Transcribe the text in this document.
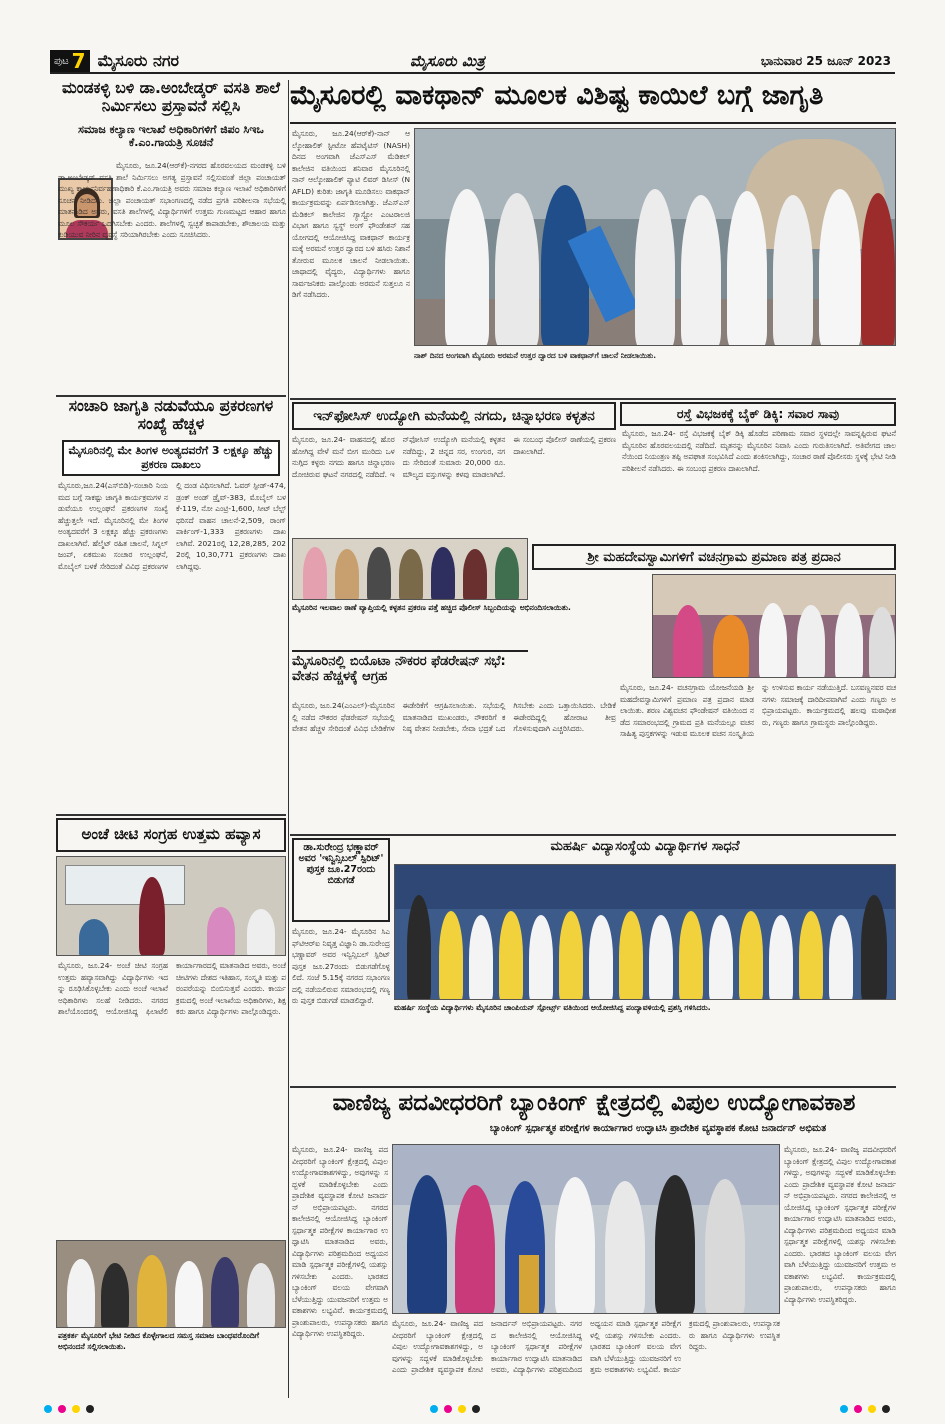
ಪುಟ 7 ಮೈಸೂರು ನಗರ	ಮೈಸೂರು ಮಿತ್ರ	ಭಾನುವಾರ 25 ಜೂನ್ 2023
ಮೈಸೂರಲ್ಲಿ ವಾಕಥಾನ್ ಮೂಲಕ ವಿಶಿಷ್ಟ ಕಾಯಿಲೆ ಬಗ್ಗೆ ಜಾಗೃತಿ
ಮಂಡಕಳ್ಳಿ ಬಳಿ ಡಾ.ಅಂಬೇಡ್ಕರ್ ವಸತಿ ಶಾಲೆ ನಿರ್ಮಿಸಲು ಪ್ರಸ್ತಾವನೆ ಸಲ್ಲಿಸಿ
ಸಮಾಜ ಕಲ್ಯಾಣ ಇಲಾಖೆ ಅಧಿಕಾರಿಗಳಿಗೆ ಜಿಪಂ ಸಿಇಒ ಕೆ.ಎಂ.ಗಾಯತ್ರಿ ಸೂಚನೆ
ಮೈಸೂರು, ಜೂ.24(ಆರ್‌ಕೆ)-ನಗರದ ಹೊರವಲಯದ ಮಂಡಕಳ್ಳಿ ಬಳಿ ಡಾ.ಅಂಬೇಡ್ಕರ್ ವಸತಿ ಶಾಲೆ ನಿರ್ಮಿಸಲು ಅಗತ್ಯ ಪ್ರಸ್ತಾವನೆ ಸಲ್ಲಿಸುವಂತೆ ಜಿಲ್ಲಾ ಪಂಚಾಯತ್ ಮುಖ್ಯ ಕಾರ್ಯನಿರ್ವಹಣಾಧಿಕಾರಿ ಕೆ.ಎಂ.ಗಾಯತ್ರಿ ಅವರು ಸಮಾಜ ಕಲ್ಯಾಣ ಇಲಾಖೆ ಅಧಿಕಾರಿಗಳಿಗೆ ಸೂಚನೆ ನೀಡಿದರು. ಜಿಲ್ಲಾ ಪಂಚಾಯತ್ ಸಭಾಂಗಣದಲ್ಲಿ ನಡೆದ ಪ್ರಗತಿ ಪರಿಶೀಲನಾ ಸಭೆಯಲ್ಲಿ ಮಾತನಾಡಿದ ಅವರು, ವಸತಿ ಶಾಲೆಗಳಲ್ಲಿ ವಿದ್ಯಾರ್ಥಿಗಳಿಗೆ ಉತ್ತಮ ಗುಣಮಟ್ಟದ ಆಹಾರ ಹಾಗೂ ಮೂಲ ಸೌಕರ್ಯ ಒದಗಿಸಬೇಕು ಎಂದರು. ಶಾಲೆಗಳಲ್ಲಿ ಸ್ವಚ್ಛತೆ ಕಾಪಾಡಬೇಕು, ಶೌಚಾಲಯ ಮತ್ತು ಕುಡಿಯುವ ನೀರಿನ ವ್ಯವಸ್ಥೆ ಸರಿಯಾಗಿರಬೇಕು ಎಂದು ಸೂಚಿಸಿದರು.
ಸಂಚಾರಿ ಜಾಗೃತಿ ನಡುವೆಯೂ ಪ್ರಕರಣಗಳ ಸಂಖ್ಯೆ ಹೆಚ್ಚಳ
ಮೈಸೂರಿನಲ್ಲಿ ಮೇ ತಿಂಗಳ ಅಂತ್ಯದವರೆಗೆ 3 ಲಕ್ಷಕ್ಕೂ ಹೆಚ್ಚು ಪ್ರಕರಣ ದಾಖಲು
ಮೈಸೂರು,ಜೂ.24(ಎಸ್‌ಬಿಡಿ)-ಸಂಚಾರಿ ನಿಯಮದ ಬಗ್ಗೆ ಸಾಕಷ್ಟು ಜಾಗೃತಿ ಕಾರ್ಯಕ್ರಮಗಳ ನಡುವೆಯೂ ಉಲ್ಲಂಘನೆ ಪ್ರಕರಣಗಳ ಸಂಖ್ಯೆ ಹೆಚ್ಚುತ್ತಲೇ ಇದೆ. ಮೈಸೂರಿನಲ್ಲಿ ಮೇ ತಿಂಗಳ ಅಂತ್ಯದವರೆಗೆ 3 ಲಕ್ಷಕ್ಕೂ ಹೆಚ್ಚು ಪ್ರಕರಣಗಳು ದಾಖಲಾಗಿವೆ. ಹೆಲ್ಮೆಟ್ ರಹಿತ ಚಾಲನೆ, ಸಿಗ್ನಲ್ ಜಂಪ್, ಏಕಮುಖ ಸಂಚಾರ ಉಲ್ಲಂಘನೆ, ಮೊಬೈಲ್ ಬಳಕೆ ಸೇರಿದಂತೆ ವಿವಿಧ ಪ್ರಕರಣಗಳಲ್ಲಿ ದಂಡ ವಿಧಿಸಲಾಗಿದೆ. ಓವರ್ ಸ್ಪೀಡ್-474, ಡ್ರಂಕ್ ಅಂಡ್ ಡ್ರೈವ್-383, ಮೊಬೈಲ್ ಬಳಕೆ-119, ನೋ ಎಂಟ್ರಿ-1,600, ಸೀಟ್ ಬೆಲ್ಟ್ ಧರಿಸದೆ ವಾಹನ ಚಾಲನೆ-2,509, ರಾಂಗ್ ಪಾರ್ಕಿಂಗ್-1,333 ಪ್ರಕರಣಗಳು ದಾಖಲಾಗಿವೆ. 2021ರಲ್ಲಿ 12,28,285, 2022ರಲ್ಲಿ 10,30,771 ಪ್ರಕರಣಗಳು ದಾಖಲಾಗಿದ್ದವು.
ಅಂಚೆ ಚೀಟಿ ಸಂಗ್ರಹ ಉತ್ತಮ ಹವ್ಯಾಸ
ಮೈಸೂರು, ಜೂ.24- ಅಂಚೆ ಚೀಟಿ ಸಂಗ್ರಹ ಉತ್ತಮ ಹವ್ಯಾಸವಾಗಿದ್ದು ವಿದ್ಯಾರ್ಥಿಗಳು ಇದನ್ನು ರೂಢಿಸಿಕೊಳ್ಳಬೇಕು ಎಂದು ಅಂಚೆ ಇಲಾಖೆ ಅಧಿಕಾರಿಗಳು ಸಲಹೆ ನೀಡಿದರು. ನಗರದ ಶಾಲೆಯೊಂದರಲ್ಲಿ ಆಯೋಜಿಸಿದ್ದ ಫಿಲಾಟೆಲಿ ಕಾರ್ಯಾಗಾರದಲ್ಲಿ ಮಾತನಾಡಿದ ಅವರು, ಅಂಚೆ ಚೀಟಿಗಳು ದೇಶದ ಇತಿಹಾಸ, ಸಂಸ್ಕೃತಿ ಮತ್ತು ಪರಂಪರೆಯನ್ನು ಬಿಂಬಿಸುತ್ತವೆ ಎಂದರು. ಕಾರ್ಯಕ್ರಮದಲ್ಲಿ ಅಂಚೆ ಇಲಾಖೆಯ ಅಧಿಕಾರಿಗಳು, ಶಿಕ್ಷಕರು ಹಾಗೂ ವಿದ್ಯಾರ್ಥಿಗಳು ಪಾಲ್ಗೊಂಡಿದ್ದರು.
ಪತ್ರಕರ್ತ ಮೈಸೂರಿಗೆ ಭೇಟಿ ನೀಡಿದ ಕೊಳ್ಳೇಗಾಲದ ಸಮಸ್ತ ಸಮಾಜ ಬಾಂಧವರೊಂದಿಗೆ ಅಭಿನಂದನೆ ಸಲ್ಲಿಸಲಾಯಿತು.
ಮೈಸೂರು, ಜೂ.24(ಆರ್‌ಕೆ)-ನಾನ್ ಆಲ್ಕೋಹಾಲಿಕ್ ಸ್ಟೀಟೋ ಹೆಪಟೈಟಿಸ್ (NASH) ದಿನದ ಅಂಗವಾಗಿ ಜೆಎಸ್‌ಎಸ್ ಮೆಡಿಕಲ್ ಕಾಲೇಜಿನ ವತಿಯಿಂದ ಶನಿವಾರ ಮೈಸೂರಿನಲ್ಲಿ ನಾನ್ ಆಲ್ಕೋಹಾಲಿಕ್ ಫ್ಯಾಟಿ ಲಿವರ್ ಡಿಸೀಸ್ (NAFLD) ಕುರಿತು ಜಾಗೃತಿ ಮೂಡಿಸಲು ವಾಕಥಾನ್ ಕಾರ್ಯಕ್ರಮವನ್ನು ಏರ್ಪಡಿಸಲಾಗಿತ್ತು. ಜೆಎಸ್‌ಎಸ್ ಮೆಡಿಕಲ್ ಕಾಲೇಜಿನ ಗ್ಯಾಸ್ಟ್ರೋ ಎಂಟರಾಲಜಿ ವಿಭಾಗ ಹಾಗೂ ಸ್ವಸ್ಥ್ ಅಂಗ್ ಫೌಂಡೇಶನ್ ಸಹಯೋಗದಲ್ಲಿ ಆಯೋಜಿಸಿದ್ದ ವಾಕಥಾನ್ ಕಾರ್ಯಕ್ರಮಕ್ಕೆ ಅರಮನೆ ಉತ್ತರ ದ್ವಾರದ ಬಳಿ ಹಸಿರು ನಿಶಾನೆ ತೋರುವ ಮೂಲಕ ಚಾಲನೆ ನೀಡಲಾಯಿತು. ಜಾಥಾದಲ್ಲಿ ವೈದ್ಯರು, ವಿದ್ಯಾರ್ಥಿಗಳು ಹಾಗೂ ಸಾರ್ವಜನಿಕರು ಪಾಲ್ಗೊಂಡು ಅರಮನೆ ಸುತ್ತಲೂ ನಡಿಗೆ ನಡೆಸಿದರು.
ನಾಶ್ ದಿನದ ಅಂಗವಾಗಿ ಮೈಸೂರು ಅರಮನೆ ಉತ್ತರ ದ್ವಾರದ ಬಳಿ ವಾಕಥಾನ್‌ಗೆ ಚಾಲನೆ ನೀಡಲಾಯಿತು.
ಇನ್‌ಫೋಸಿಸ್ ಉದ್ಯೋಗಿ ಮನೆಯಲ್ಲಿ ನಗದು, ಚಿನ್ನಾಭರಣ ಕಳ್ಳತನ
ಮೈಸೂರು, ಜೂ.24- ವಾಹನದಲ್ಲಿ ಹೊರ ಹೋಗಿದ್ದ ವೇಳೆ ಮನೆ ಬೀಗ ಮುರಿದು ಒಳನುಗ್ಗಿದ ಕಳ್ಳರು ನಗದು ಹಾಗೂ ಚಿನ್ನಾಭರಣ ದೋಚಿರುವ ಘಟನೆ ನಗರದಲ್ಲಿ ನಡೆದಿದೆ. ಇನ್‌ಫೋಸಿಸ್ ಉದ್ಯೋಗಿ ಮನೆಯಲ್ಲಿ ಕಳ್ಳತನ ನಡೆದಿದ್ದು, 2 ಚಿನ್ನದ ಸರ, ಉಂಗುರ, ನಗದು ಸೇರಿದಂತೆ ಸುಮಾರು 20,000 ರೂ. ಮೌಲ್ಯದ ವಸ್ತುಗಳನ್ನು ಕಳವು ಮಾಡಲಾಗಿದೆ. ಈ ಸಂಬಂಧ ಪೊಲೀಸ್ ಠಾಣೆಯಲ್ಲಿ ಪ್ರಕರಣ ದಾಖಲಾಗಿದೆ.
ಮೈಸೂರಿನ ಇಲವಾಲ ಠಾಣೆ ವ್ಯಾಪ್ತಿಯಲ್ಲಿ ಕಳ್ಳತನ ಪ್ರಕರಣ ಪತ್ತೆ ಹಚ್ಚಿದ ಪೊಲೀಸ್ ಸಿಬ್ಬಂದಿಯನ್ನು ಅಭಿನಂದಿಸಲಾಯಿತು.
ರಸ್ತೆ ವಿಭಜಕಕ್ಕೆ ಬೈಕ್ ಡಿಕ್ಕಿ: ಸವಾರ ಸಾವು
ಮೈಸೂರು, ಜೂ.24- ರಸ್ತೆ ವಿಭಜಕಕ್ಕೆ ಬೈಕ್ ಡಿಕ್ಕಿ ಹೊಡೆದ ಪರಿಣಾಮ ಸವಾರ ಸ್ಥಳದಲ್ಲೇ ಸಾವನ್ನಪ್ಪಿರುವ ಘಟನೆ ಮೈಸೂರಿನ ಹೊರವಲಯದಲ್ಲಿ ನಡೆದಿದೆ. ಮೃತನನ್ನು ಮೈಸೂರಿನ ನಿವಾಸಿ ಎಂದು ಗುರುತಿಸಲಾಗಿದೆ. ಅತಿವೇಗದ ಚಾಲನೆಯಿಂದ ನಿಯಂತ್ರಣ ತಪ್ಪಿ ಅಪಘಾತ ಸಂಭವಿಸಿದೆ ಎಂದು ಶಂಕಿಸಲಾಗಿದ್ದು, ಸಂಚಾರ ಠಾಣೆ ಪೊಲೀಸರು ಸ್ಥಳಕ್ಕೆ ಭೇಟಿ ನೀಡಿ ಪರಿಶೀಲನೆ ನಡೆಸಿದರು. ಈ ಸಂಬಂಧ ಪ್ರಕರಣ ದಾಖಲಾಗಿದೆ.
ಶ್ರೀ ಮಹದೇವಸ್ವಾಮಿಗಳಿಗೆ ವಚನಗ್ರಾಮ ಪ್ರಮಾಣ ಪತ್ರ ಪ್ರದಾನ
ಮೈಸೂರು, ಜೂ.24- ವಚನಗ್ರಾಮ ಯೋಜನೆಯಡಿ ಶ್ರೀ ಮಹದೇವಸ್ವಾಮಿಗಳಿಗೆ ಪ್ರಮಾಣ ಪತ್ರ ಪ್ರದಾನ ಮಾಡಲಾಯಿತು. ಶರಣ ವಿಶ್ವವಚನ ಫೌಂಡೇಷನ್ ವತಿಯಿಂದ ನಡೆದ ಸಮಾರಂಭದಲ್ಲಿ ಗ್ರಾಮದ ಪ್ರತಿ ಮನೆಯಲ್ಲೂ ವಚನ ಸಾಹಿತ್ಯ ಪುಸ್ತಕಗಳನ್ನು ಇಡುವ ಮೂಲಕ ವಚನ ಸಂಸ್ಕೃತಿಯನ್ನು ಉಳಿಸುವ ಕಾರ್ಯ ನಡೆಯುತ್ತಿದೆ. ಬಸವಣ್ಣನವರ ವಚನಗಳು ಸಮಾಜಕ್ಕೆ ದಾರಿದೀಪವಾಗಿವೆ ಎಂದು ಗಣ್ಯರು ಅಭಿಪ್ರಾಯಪಟ್ಟರು. ಕಾರ್ಯಕ್ರಮದಲ್ಲಿ ಹಲವು ಮಠಾಧೀಶರು, ಗಣ್ಯರು ಹಾಗೂ ಗ್ರಾಮಸ್ಥರು ಪಾಲ್ಗೊಂಡಿದ್ದರು.
ಮೈಸೂರಿನಲ್ಲಿ ಬಿಯೊಟಾ ನೌಕರರ ಫೆಡರೇಷನ್ ಸಭೆ: ವೇತನ ಹೆಚ್ಚಳಕ್ಕೆ ಆಗ್ರಹ
ಮೈಸೂರು, ಜೂ.24(ಎಂಎಲ್)-ಮೈಸೂರಿನಲ್ಲಿ ನಡೆದ ನೌಕರರ ಫೆಡರೇಷನ್ ಸಭೆಯಲ್ಲಿ ವೇತನ ಹೆಚ್ಚಳ ಸೇರಿದಂತೆ ವಿವಿಧ ಬೇಡಿಕೆಗಳ ಈಡೇರಿಕೆಗೆ ಆಗ್ರಹಿಸಲಾಯಿತು. ಸಭೆಯಲ್ಲಿ ಮಾತನಾಡಿದ ಮುಖಂಡರು, ನೌಕರರಿಗೆ ಕನಿಷ್ಠ ವೇತನ ನೀಡಬೇಕು, ಸೇವಾ ಭದ್ರತೆ ಒದಗಿಸಬೇಕು ಎಂದು ಒತ್ತಾಯಿಸಿದರು. ಬೇಡಿಕೆ ಈಡೇರದಿದ್ದಲ್ಲಿ ಹೋರಾಟ ತೀವ್ರಗೊಳಿಸುವುದಾಗಿ ಎಚ್ಚರಿಸಿದರು.
ಡಾ.ಸುರೇಂದ್ರ ಭಣ್ಣಾವರ್ ಅವರ 'ಇನ್ವಿನ್ಸಿಬಲ್ ಸ್ಪಿರಿಟ್' ಪುಸ್ತಕ ಜೂ.27ರಂದು ಬಿಡುಗಡೆ
ಮೈಸೂರು, ಜೂ.24- ಮೈಸೂರಿನ ಸಿಎಫ್‌ಟಿಆರ್‌ಐ ನಿವೃತ್ತ ವಿಜ್ಞಾನಿ ಡಾ.ಸುರೇಂದ್ರ ಭಣ್ಣಾವರ್ ಅವರ ಇನ್ವಿನ್ಸಿಬಲ್ ಸ್ಪಿರಿಟ್ ಪುಸ್ತಕ ಜೂ.27ರಂದು ಬಿಡುಗಡೆಗೊಳ್ಳಲಿದೆ. ಸಂಜೆ 5.15ಕ್ಕೆ ನಗರದ ಸಭಾಂಗಣದಲ್ಲಿ ನಡೆಯಲಿರುವ ಸಮಾರಂಭದಲ್ಲಿ ಗಣ್ಯರು ಪುಸ್ತಕ ಬಿಡುಗಡೆ ಮಾಡಲಿದ್ದಾರೆ.
ಮಹರ್ಷಿ ವಿದ್ಯಾಸಂಸ್ಥೆಯ ವಿದ್ಯಾರ್ಥಿಗಳ ಸಾಧನೆ
ಮಹರ್ಷಿ ಸಂಸ್ಥೆಯ ವಿದ್ಯಾರ್ಥಿಗಳು ಮೈಸೂರಿನ ಚಾಂಪಿಯನ್ ಸ್ಪೋರ್ಟ್ಸ್ ವತಿಯಿಂದ ಆಯೋಜಿಸಿದ್ದ ಪಂದ್ಯಾವಳಿಯಲ್ಲಿ ಪ್ರಶಸ್ತಿ ಗಳಿಸಿದರು.
ವಾಣಿಜ್ಯ ಪದವೀಧರರಿಗೆ ಬ್ಯಾಂಕಿಂಗ್ ಕ್ಷೇತ್ರದಲ್ಲಿ ವಿಪುಲ ಉದ್ಯೋಗಾವಕಾಶ
ಬ್ಯಾಂಕಿಂಗ್ ಸ್ಪರ್ಧಾತ್ಮಕ ಪರೀಕ್ಷೆಗಳ ಕಾರ್ಯಾಗಾರ ಉದ್ಘಾಟಿಸಿ ಪ್ರಾದೇಶಿಕ ವ್ಯವಸ್ಥಾಪಕ ಕೋಟಿ ಜನಾರ್ದನ್ ಅಭಿಮತ
ಮೈಸೂರು, ಜೂ.24- ವಾಣಿಜ್ಯ ಪದವೀಧರರಿಗೆ ಬ್ಯಾಂಕಿಂಗ್ ಕ್ಷೇತ್ರದಲ್ಲಿ ವಿಪುಲ ಉದ್ಯೋಗಾವಕಾಶಗಳಿದ್ದು, ಅವುಗಳನ್ನು ಸದ್ಬಳಕೆ ಮಾಡಿಕೊಳ್ಳಬೇಕು ಎಂದು ಪ್ರಾದೇಶಿಕ ವ್ಯವಸ್ಥಾಪಕ ಕೋಟಿ ಜನಾರ್ದನ್ ಅಭಿಪ್ರಾಯಪಟ್ಟರು. ನಗರದ ಕಾಲೇಜಿನಲ್ಲಿ ಆಯೋಜಿಸಿದ್ದ ಬ್ಯಾಂಕಿಂಗ್ ಸ್ಪರ್ಧಾತ್ಮಕ ಪರೀಕ್ಷೆಗಳ ಕಾರ್ಯಾಗಾರ ಉದ್ಘಾಟಿಸಿ ಮಾತನಾಡಿದ ಅವರು, ವಿದ್ಯಾರ್ಥಿಗಳು ಪರಿಶ್ರಮದಿಂದ ಅಧ್ಯಯನ ಮಾಡಿ ಸ್ಪರ್ಧಾತ್ಮಕ ಪರೀಕ್ಷೆಗಳಲ್ಲಿ ಯಶಸ್ಸು ಗಳಿಸಬೇಕು ಎಂದರು. ಭಾರತದ ಬ್ಯಾಂಕಿಂಗ್ ವಲಯ ವೇಗವಾಗಿ ಬೆಳೆಯುತ್ತಿದ್ದು ಯುವಜನರಿಗೆ ಉತ್ತಮ ಅವಕಾಶಗಳು ಲಭ್ಯವಿವೆ. ಕಾರ್ಯಕ್ರಮದಲ್ಲಿ ಪ್ರಾಂಶುಪಾಲರು, ಉಪನ್ಯಾಸಕರು ಹಾಗೂ ವಿದ್ಯಾರ್ಥಿಗಳು ಉಪಸ್ಥಿತರಿದ್ದರು.
ಮೈಸೂರು, ಜೂ.24- ವಾಣಿಜ್ಯ ಪದವೀಧರರಿಗೆ ಬ್ಯಾಂಕಿಂಗ್ ಕ್ಷೇತ್ರದಲ್ಲಿ ವಿಪುಲ ಉದ್ಯೋಗಾವಕಾಶಗಳಿದ್ದು, ಅವುಗಳನ್ನು ಸದ್ಬಳಕೆ ಮಾಡಿಕೊಳ್ಳಬೇಕು ಎಂದು ಪ್ರಾದೇಶಿಕ ವ್ಯವಸ್ಥಾಪಕ ಕೋಟಿ ಜನಾರ್ದನ್ ಅಭಿಪ್ರಾಯಪಟ್ಟರು. ನಗರದ ಕಾಲೇಜಿನಲ್ಲಿ ಆಯೋಜಿಸಿದ್ದ ಬ್ಯಾಂಕಿಂಗ್ ಸ್ಪರ್ಧಾತ್ಮಕ ಪರೀಕ್ಷೆಗಳ ಕಾರ್ಯಾಗಾರ ಉದ್ಘಾಟಿಸಿ ಮಾತನಾಡಿದ ಅವರು, ವಿದ್ಯಾರ್ಥಿಗಳು ಪರಿಶ್ರಮದಿಂದ ಅಧ್ಯಯನ ಮಾಡಿ ಸ್ಪರ್ಧಾತ್ಮಕ ಪರೀಕ್ಷೆಗಳಲ್ಲಿ ಯಶಸ್ಸು ಗಳಿಸಬೇಕು ಎಂದರು. ಭಾರತದ ಬ್ಯಾಂಕಿಂಗ್ ವಲಯ ವೇಗವಾಗಿ ಬೆಳೆಯುತ್ತಿದ್ದು ಯುವಜನರಿಗೆ ಉತ್ತಮ ಅವಕಾಶಗಳು ಲಭ್ಯವಿವೆ. ಕಾರ್ಯಕ್ರಮದಲ್ಲಿ ಪ್ರಾಂಶುಪಾಲರು, ಉಪನ್ಯಾಸಕರು ಹಾಗೂ ವಿದ್ಯಾರ್ಥಿಗಳು ಉಪಸ್ಥಿತರಿದ್ದರು.
ಮೈಸೂರು, ಜೂ.24- ವಾಣಿಜ್ಯ ಪದವೀಧರರಿಗೆ ಬ್ಯಾಂಕಿಂಗ್ ಕ್ಷೇತ್ರದಲ್ಲಿ ವಿಪುಲ ಉದ್ಯೋಗಾವಕಾಶಗಳಿದ್ದು, ಅವುಗಳನ್ನು ಸದ್ಬಳಕೆ ಮಾಡಿಕೊಳ್ಳಬೇಕು ಎಂದು ಪ್ರಾದೇಶಿಕ ವ್ಯವಸ್ಥಾಪಕ ಕೋಟಿ ಜನಾರ್ದನ್ ಅಭಿಪ್ರಾಯಪಟ್ಟರು. ನಗರದ ಕಾಲೇಜಿನಲ್ಲಿ ಆಯೋಜಿಸಿದ್ದ ಬ್ಯಾಂಕಿಂಗ್ ಸ್ಪರ್ಧಾತ್ಮಕ ಪರೀಕ್ಷೆಗಳ ಕಾರ್ಯಾಗಾರ ಉದ್ಘಾಟಿಸಿ ಮಾತನಾಡಿದ ಅವರು, ವಿದ್ಯಾರ್ಥಿಗಳು ಪರಿಶ್ರಮದಿಂದ ಅಧ್ಯಯನ ಮಾಡಿ ಸ್ಪರ್ಧಾತ್ಮಕ ಪರೀಕ್ಷೆಗಳಲ್ಲಿ ಯಶಸ್ಸು ಗಳಿಸಬೇಕು ಎಂದರು. ಭಾರತದ ಬ್ಯಾಂಕಿಂಗ್ ವಲಯ ವೇಗವಾಗಿ ಬೆಳೆಯುತ್ತಿದ್ದು ಯುವಜನರಿಗೆ ಉತ್ತಮ ಅವಕಾಶಗಳು ಲಭ್ಯವಿವೆ. ಕಾರ್ಯಕ್ರಮದಲ್ಲಿ ಪ್ರಾಂಶುಪಾಲರು, ಉಪನ್ಯಾಸಕರು ಹಾಗೂ ವಿದ್ಯಾರ್ಥಿಗಳು ಉಪಸ್ಥಿತರಿದ್ದರು.
